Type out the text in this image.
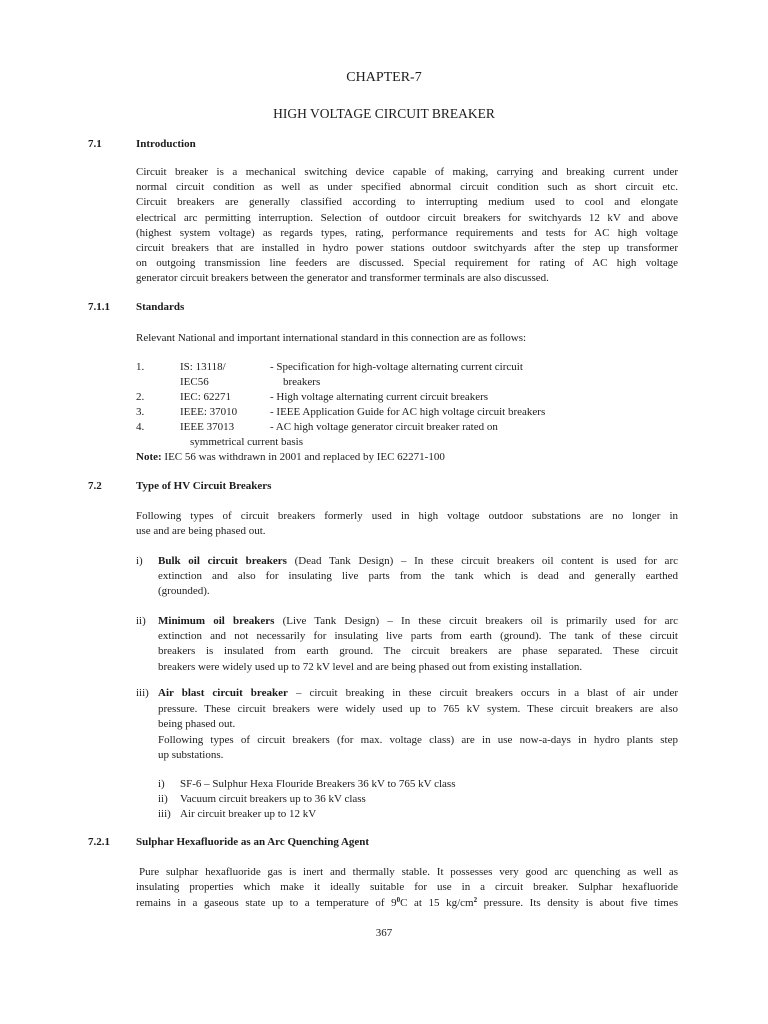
CHAPTER-7
HIGH VOLTAGE CIRCUIT BREAKER
7.1	Introduction
Circuit breaker is a mechanical switching device capable of making, carrying and breaking current under
normal circuit condition as well as under specified abnormal circuit condition such as short circuit etc.
Circuit breakers are generally classified according to interrupting medium used to cool and elongate
electrical arc permitting interruption. Selection of outdoor circuit breakers for switchyards 12 kV and above
(highest system voltage) as regards types, rating, performance requirements and tests for AC high voltage
circuit breakers that are installed in hydro power stations outdoor switchyards after the step up transformer
on outgoing transmission line feeders are discussed. Special requirement for rating of AC high voltage
generator circuit breakers between the generator and transformer terminals are also discussed.
7.1.1 Standards
Relevant National and important international standard in this connection are as follows:
1.	IS: 13118/	- Specification for high-voltage alternating current circuit
IEC56	breakers
2.	IEC: 62271	- High voltage alternating current circuit breakers
3.	IEEE: 37010	- IEEE Application Guide for AC high voltage circuit breakers
4.	IEEE 37013	- AC high voltage generator circuit breaker rated on
symmetrical current basis
Note: IEC 56 was withdrawn in 2001 and replaced by IEC 62271-100
7.2	Type of HV Circuit Breakers
Following types of circuit breakers formerly used in high voltage outdoor substations are no longer in
use and are being phased out.
i) Bulk oil circuit breakers (Dead Tank Design) – In these circuit breakers oil content is used for arc
extinction and also for insulating live parts from the tank which is dead and generally earthed
(grounded).
ii) Minimum oil breakers (Live Tank Design) – In these circuit breakers oil is primarily used for arc
extinction and not necessarily for insulating live parts from earth (ground). The tank of these circuit
breakers is insulated from earth ground. The circuit breakers are phase separated. These circuit
breakers were widely used up to 72 kV level and are being phased out from existing installation.
iii) Air blast circuit breaker – circuit breaking in these circuit breakers occurs in a blast of air under
pressure. These circuit breakers were widely used up to 765 kV system. These circuit breakers are also
being phased out.
Following types of circuit breakers (for max. voltage class) are in use now-a-days in hydro plants step
up substations.
i) SF-6 – Sulphur Hexa Flouride Breakers 36 kV to 765 kV class
ii) Vacuum circuit breakers up to 36 kV class
iii) Air circuit breaker up to 12 kV
7.2.1 Sulphar Hexafluoride as an Arc Quenching Agent
Pure sulphar hexafluoride gas is inert and thermally stable. It possesses very good arc quenching as well as
insulating properties which make it ideally suitable for use in a circuit breaker. Sulphar hexafluoride
remains in a gaseous state up to a temperature of $9^0C$ at 15 $kg/cm^2$ pressure. Its density is about five times
367
